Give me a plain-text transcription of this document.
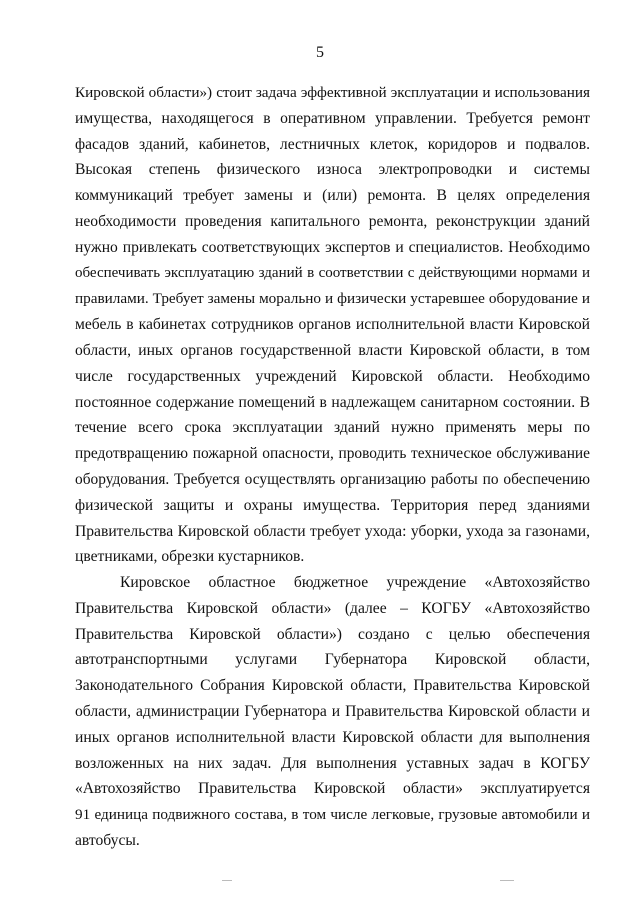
5
Кировской области») стоит задача эффективной эксплуатации и использования
имущества, находящегося в оперативном управлении. Требуется ремонт
фасадов зданий, кабинетов, лестничных клеток, коридоров и подвалов.
Высокая степень физического износа электропроводки и системы
коммуникаций требует замены и (или) ремонта. В целях определения
необходимости проведения капитального ремонта, реконструкции зданий
нужно привлекать соответствующих экспертов и специалистов. Необходимо
обеспечивать эксплуатацию зданий в соответствии с действующими нормами и
правилами. Требует замены морально и физически устаревшее оборудование и
мебель в кабинетах сотрудников органов исполнительной власти Кировской
области, иных органов государственной власти Кировской области, в том
числе государственных учреждений Кировской области. Необходимо
постоянное содержание помещений в надлежащем санитарном состоянии. В
течение всего срока эксплуатации зданий нужно применять меры по
предотвращению пожарной опасности, проводить техническое обслуживание
оборудования. Требуется осуществлять организацию работы по обеспечению
физической защиты и охраны имущества. Территория перед зданиями
Правительства Кировской области требует ухода: уборки, ухода за газонами,
цветниками, обрезки кустарников.
Кировское областное бюджетное учреждение «Автохозяйство
Правительства Кировской области» (далее – КОГБУ «Автохозяйство
Правительства Кировской области») создано с целью обеспечения
автотранспортными услугами Губернатора Кировской области,
Законодательного Собрания Кировской области, Правительства Кировской
области, администрации Губернатора и Правительства Кировской области и
иных органов исполнительной власти Кировской области для выполнения
возложенных на них задач. Для выполнения уставных задач в КОГБУ
«Автохозяйство Правительства Кировской области» эксплуатируется
91 единица подвижного состава, в том числе легковые, грузовые автомобили и
автобусы.
